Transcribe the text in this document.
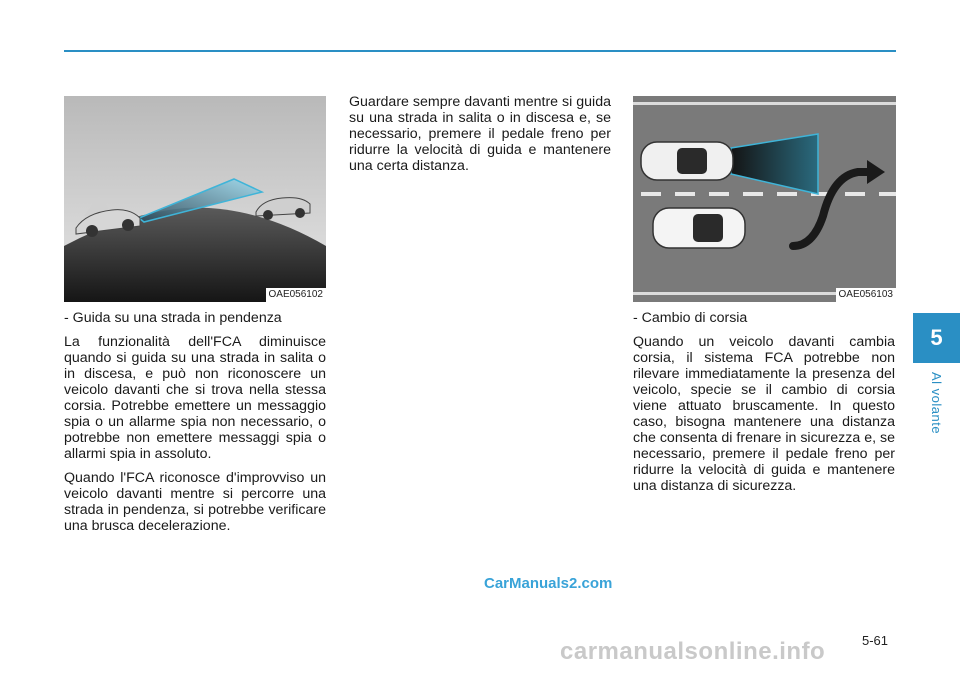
5
Al volante
OAE056102	OAE056103

- Guida su una strada in pendenza

La funzionalità dell'FCA diminuisce quando si guida su una strada in salita o in discesa, e può non riconoscere un veicolo davanti che si trova nella stessa corsia. Potrebbe emettere un messaggio spia o un allarme spia non necessario, o potrebbe non emettere messaggi spia o allarmi spia in assoluto.

Quando l'FCA riconosce d'improvviso un veicolo davanti mentre si percorre una strada in pendenza, si potrebbe verificare una brusca decelerazione.

Guardare sempre davanti mentre si guida su una strada in salita o in discesa e, se necessario, premere il pedale freno per ridurre la velocità di guida e mantenere una certa distanza.

- Cambio di corsia

Quando un veicolo davanti cambia corsia, il sistema FCA potrebbe non rilevare immediatamente la presenza del veicolo, specie se il cambio di corsia viene attuato bruscamente. In questo caso, bisogna mantenere una distanza che consenta di frenare in sicurezza e, se necessario, premere il pedale freno per ridurre la velocità di guida e mantenere una distanza di sicurezza.

CarManuals2.com
5-61
carmanualsonline.info
